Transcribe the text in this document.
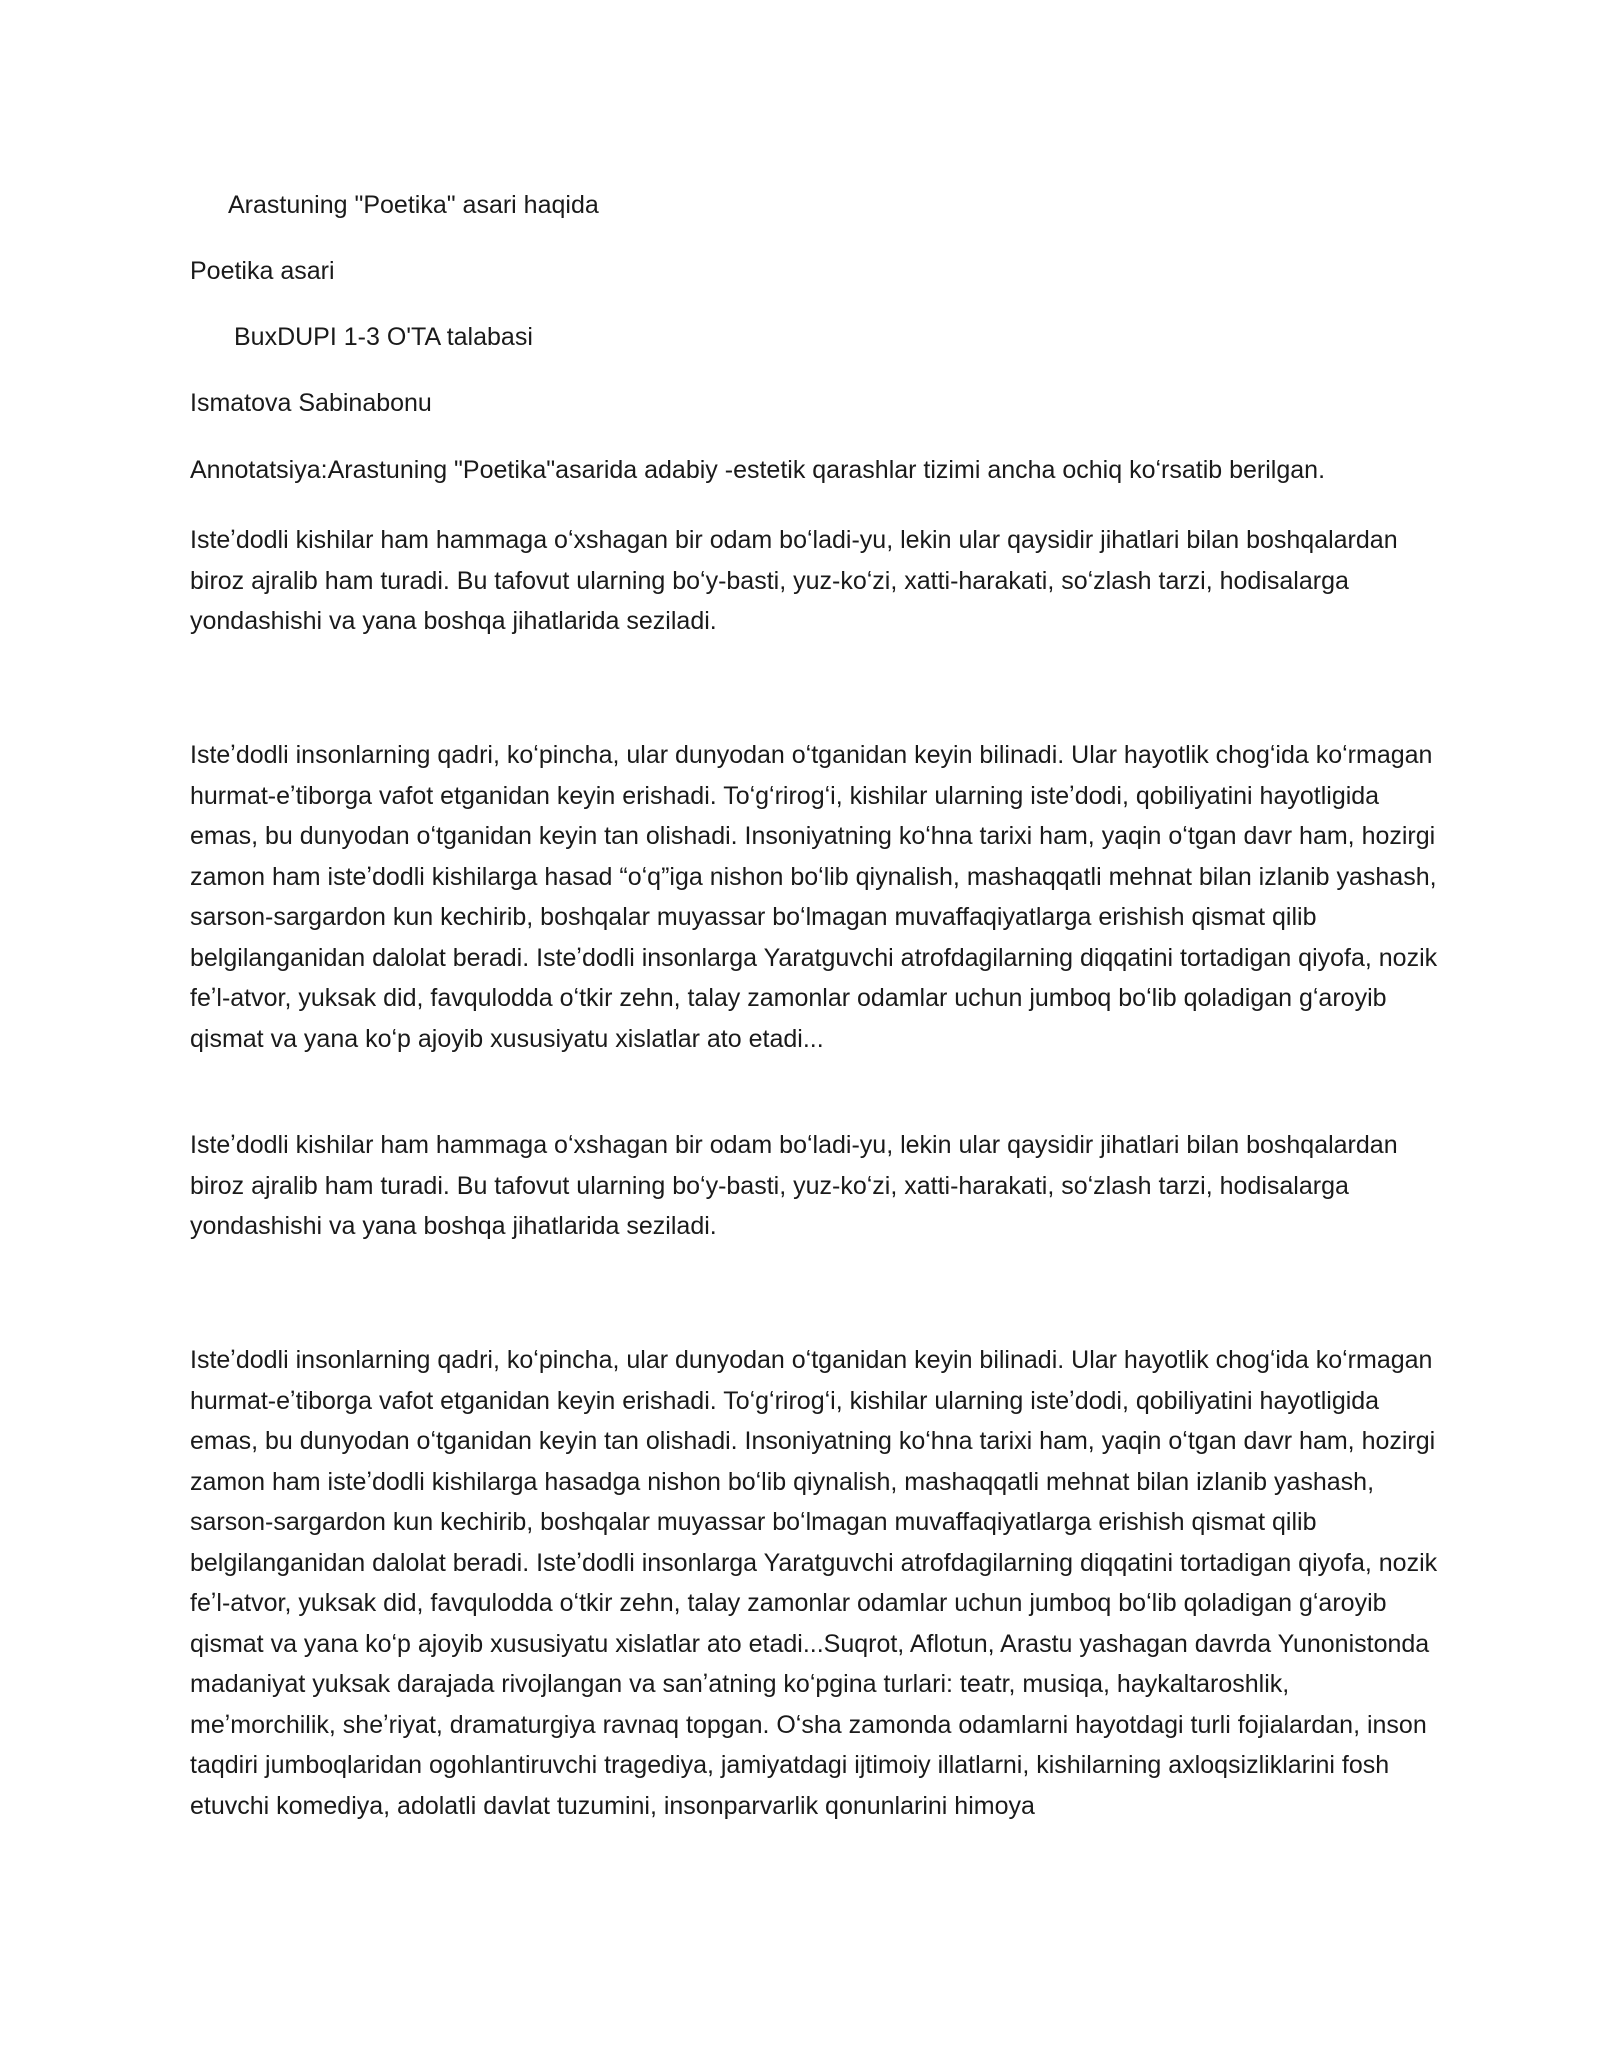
Arastuning "Poetika" asari haqida
Poetika asari
BuxDUPI 1-3 O'TA talabasi
Ismatova Sabinabonu
Annotatsiya:Arastuning "Poetika"asarida adabiy -estetik qarashlar tizimi ancha ochiq koʻrsatib berilgan.

Isteʼdodli kishilar ham hammaga oʻxshagan bir odam boʻladi-yu, lekin ular qaysidir jihatlari bilan boshqalardan biroz ajralib ham turadi. Bu tafovut ularning boʻy-basti, yuz-koʻzi, xatti-harakati, soʻzlash tarzi, hodisalarga yondashishi va yana boshqa jihatlarida seziladi.

Isteʼdodli insonlarning qadri, koʻpincha, ular dunyodan oʻtganidan keyin bilinadi. Ular hayotlik chogʻida koʻrmagan hurmat-eʼtiborga vafot etganidan keyin erishadi. Toʻgʻrirogʻi, kishilar ularning isteʼdodi, qobiliyatini hayotligida emas, bu dunyodan oʻtganidan keyin tan olishadi. Insoniyatning koʻhna tarixi ham, yaqin oʻtgan davr ham, hozirgi zamon ham isteʼdodli kishilarga hasad “oʻq”iga nishon boʻlib qiynalish, mashaqqatli mehnat bilan izlanib yashash, sarson-sargardon kun kechirib, boshqalar muyassar boʻlmagan muvaffaqiyatlarga erishish qismat qilib belgilanganidan dalolat beradi. Isteʼdodli insonlarga Yaratguvchi atrofdagilarning diqqatini tortadigan qiyofa, nozik feʼl-atvor, yuksak did, favqulodda oʻtkir zehn, talay zamonlar odamlar uchun jumboq boʻlib qoladigan gʻaroyib qismat va yana koʻp ajoyib xususiyatu xislatlar ato etadi...

Isteʼdodli kishilar ham hammaga oʻxshagan bir odam boʻladi-yu, lekin ular qaysidir jihatlari bilan boshqalardan biroz ajralib ham turadi. Bu tafovut ularning boʻy-basti, yuz-koʻzi, xatti-harakati, soʻzlash tarzi, hodisalarga yondashishi va yana boshqa jihatlarida seziladi.

Isteʼdodli insonlarning qadri, koʻpincha, ular dunyodan oʻtganidan keyin bilinadi. Ular hayotlik chogʻida koʻrmagan hurmat-eʼtiborga vafot etganidan keyin erishadi. Toʻgʻrirogʻi, kishilar ularning isteʼdodi, qobiliyatini hayotligida emas, bu dunyodan oʻtganidan keyin tan olishadi. Insoniyatning koʻhna tarixi ham, yaqin oʻtgan davr ham, hozirgi zamon ham isteʼdodli kishilarga hasadga nishon boʻlib qiynalish, mashaqqatli mehnat bilan izlanib yashash, sarson-sargardon kun kechirib, boshqalar muyassar boʻlmagan muvaffaqiyatlarga erishish qismat qilib belgilanganidan dalolat beradi. Isteʼdodli insonlarga Yaratguvchi atrofdagilarning diqqatini tortadigan qiyofa, nozik feʼl-atvor, yuksak did, favqulodda oʻtkir zehn, talay zamonlar odamlar uchun jumboq boʻlib qoladigan gʻaroyib qismat va yana koʻp ajoyib xususiyatu xislatlar ato etadi...Suqrot, Aflotun, Arastu yashagan davrda Yunonistonda madaniyat yuksak darajada rivojlangan va sanʼatning koʻpgina turlari: teatr, musiqa, haykaltaroshlik, meʼmorchilik, sheʼriyat, dramaturgiya ravnaq topgan. Oʻsha zamonda odamlarni hayotdagi turli fojialardan, inson taqdiri jumboqlaridan ogohlantiruvchi tragediya, jamiyatdagi ijtimoiy illatlarni, kishilarning axloqsizliklarini fosh etuvchi komediya, adolatli davlat tuzumini, insonparvarlik qonunlarini himoya
